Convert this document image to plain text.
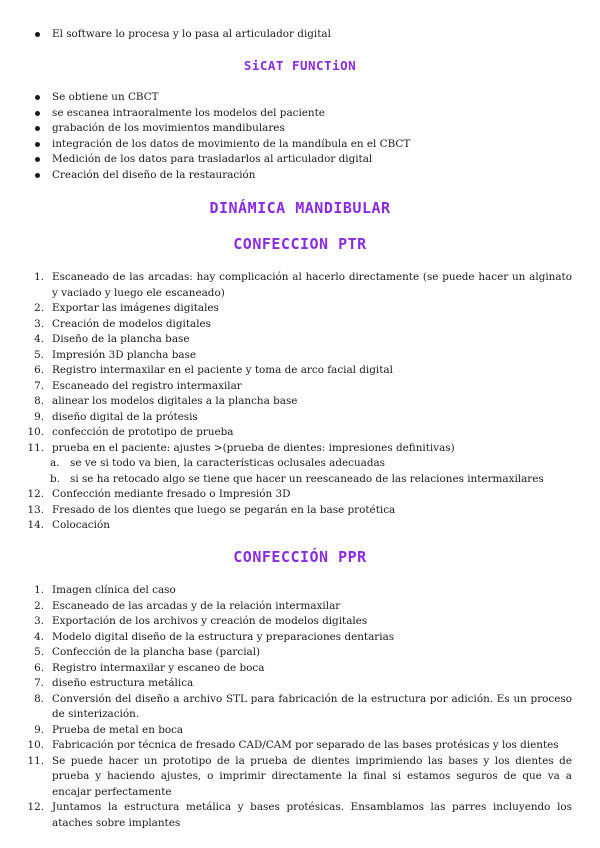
El software lo procesa y lo pasa al articulador digital
SiCAT FUNCTiON
Se obtiene un CBCT
se escanea intraoralmente los modelos del paciente
grabación de los movimientos mandibulares
integración de los datos de movimiento de la mandíbula en el CBCT
Medición de los datos para trasladarlos al articulador digital
Creación del diseño de la restauración
DINÁMICA MANDIBULAR
CONFECCION PTR
1. Escaneado de las arcadas: hay complicación al hacerlo directamente (se puede hacer un alginato y vaciado y luego ele escaneado)
2. Exportar las imágenes digitales
3. Creación de modelos digitales
4. Diseño de la plancha base
5. Impresión 3D plancha base
6. Registro intermaxilar en el paciente y toma de arco facial digital
7. Escaneado del registro intermaxilar
8. alinear los modelos digitales a la plancha base
9. diseño digital de la prótesis
10. confección de prototipo de prueba
11. prueba en el paciente: ajustes >(prueba de dientes: impresiones definitivas)
a. se ve si todo va bien, la características oclusales adecuadas
b. si se ha retocado algo se tiene que hacer un reescaneado de las relaciones intermaxilares
12. Confección mediante fresado o Impresión 3D
13. Fresado de los dientes que luego se pegarán en la base protética
14. Colocación
CONFECCIÓN PPR
1. Imagen clínica del caso
2. Escaneado de las arcadas y de la relación intermaxilar
3. Exportación de los archivos y creación de modelos digitales
4. Modelo digital diseño de la estructura y preparaciones dentarias
5. Confección de la plancha base (parcial)
6. Registro intermaxilar y escaneo de boca
7. diseño estructura metálica
8. Conversión del diseño a archivo STL para fabricación de la estructura por adición. Es un proceso de sinterización.
9. Prueba de metal en boca
10. Fabricación por técnica de fresado CAD/CAM por separado de las bases protésicas y los dientes
11. Se puede hacer un prototipo de la prueba de dientes imprimiendo las bases y los dientes de prueba y haciendo ajustes, o imprimir directamente la final si estamos seguros de que va a encajar perfectamente
12. Juntamos la estructura metálica y bases protésicas. Ensamblamos las parres incluyendo los ataches sobre implantes
